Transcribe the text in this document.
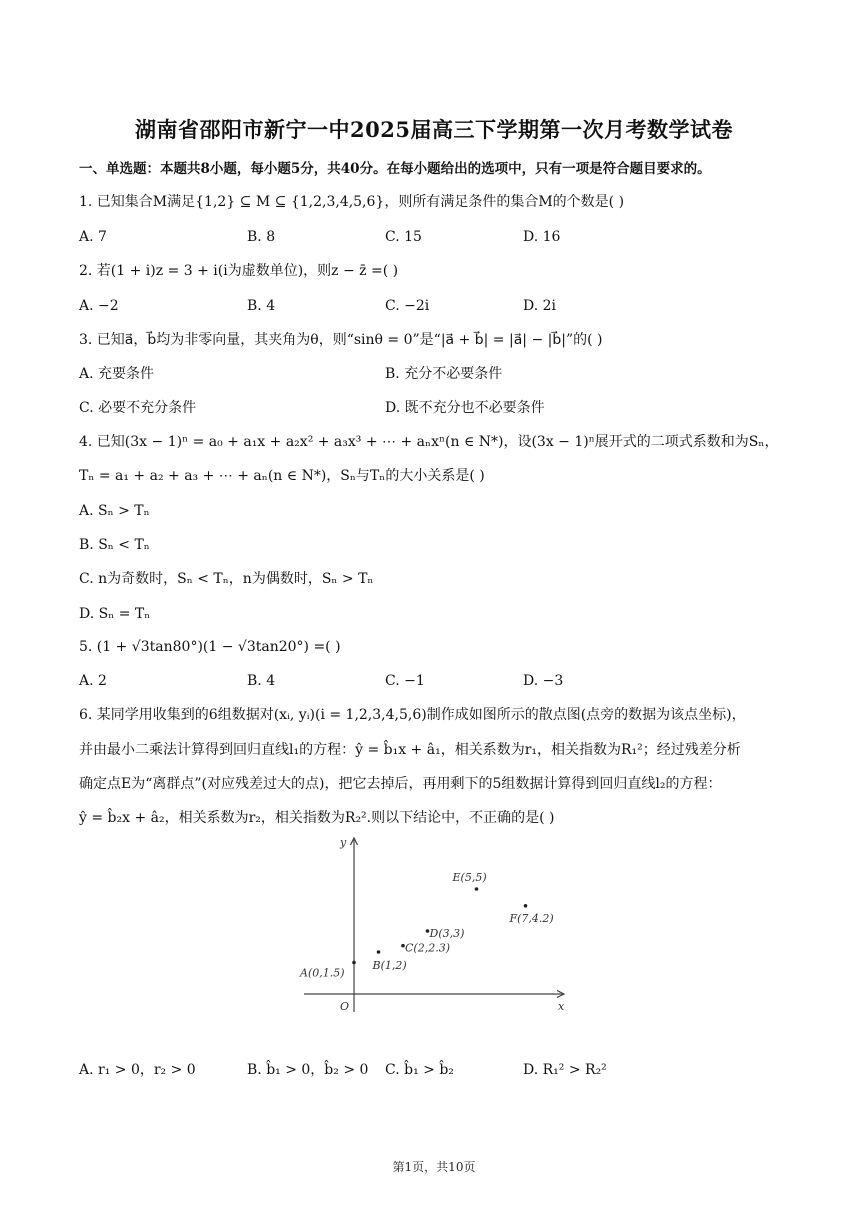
湖南省邵阳市新宁一中2025届高三下学期第一次月考数学试卷
一、单选题：本题共8小题，每小题5分，共40分。在每小题给出的选项中，只有一项是符合题目要求的。
1. 已知集合M满足{1,2} ⊆ M ⊆ {1,2,3,4,5,6}，则所有满足条件的集合M的个数是( )
A. 7	B. 8	C. 15	D. 16
2. 若(1 + i)z = 3 + i(i为虚数单位)，则z − z̄ =( )
A. −2	B. 4	C. −2i	D. 2i
3. 已知a⃗，b⃗均为非零向量，其夹角为θ，则“sinθ = 0”是“|a⃗ + b⃗| = |a⃗| − |b⃗|”的( )
A. 充要条件	B. 充分不必要条件
C. 必要不充分条件	D. 既不充分也不必要条件
4. 已知(3x − 1)ⁿ = a₀ + a₁x + a₂x² + a₃x³ + ⋯ + aₙxⁿ(n ∈ N*)，设(3x − 1)ⁿ展开式的二项式系数和为Sₙ，
Tₙ = a₁ + a₂ + a₃ + ⋯ + aₙ(n ∈ N*)，Sₙ与Tₙ的大小关系是( )
A. Sₙ > Tₙ
B. Sₙ < Tₙ
C. n为奇数时，Sₙ < Tₙ，n为偶数时，Sₙ > Tₙ
D. Sₙ = Tₙ
5. (1 + √3tan80°)(1 − √3tan20°) =( )
A. 2	B. 4	C. −1	D. −3
6. 某同学用收集到的6组数据对(xᵢ, yᵢ)(i = 1,2,3,4,5,6)制作成如图所示的散点图(点旁的数据为该点坐标)，
并由最小二乘法计算得到回归直线l₁的方程：ŷ = b̂₁x + â₁，相关系数为r₁，相关指数为R₁²；经过残差分析
确定点E为“离群点”(对应残差过大的点)，把它去掉后，再用剩下的5组数据计算得到回归直线l₂的方程：
ŷ = b̂₂x + â₂，相关系数为r₂，相关指数为R₂².则以下结论中，不正确的是( )
x
y
O
A(0,1.5)
B(1,2)
C(2,2.3)
D(3,3)
E(5,5)
F(7,4.2)
A. r₁ > 0，r₂ > 0	B. b̂₁ > 0，b̂₂ > 0 C. b̂₁ > b̂₂	D. R₁² > R₂²
第1页，共10页
